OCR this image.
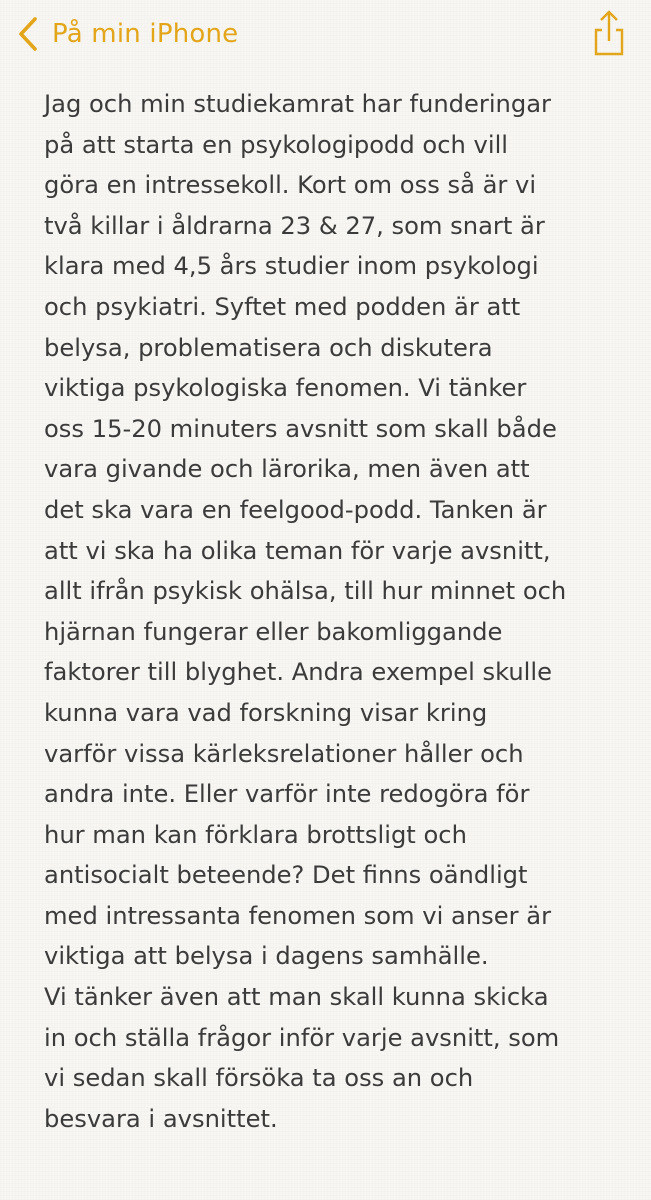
På min iPhone

Jag och min studiekamrat har funderingar
på att starta en psykologipodd och vill
göra en intressekoll. Kort om oss så är vi
två killar i åldrarna 23 & 27, som snart är
klara med 4,5 års studier inom psykologi
och psykiatri. Syftet med podden är att
belysa, problematisera och diskutera
viktiga psykologiska fenomen. Vi tänker
oss 15-20 minuters avsnitt som skall både
vara givande och lärorika, men även att
det ska vara en feelgood-podd. Tanken är
att vi ska ha olika teman för varje avsnitt,
allt ifrån psykisk ohälsa, till hur minnet och
hjärnan fungerar eller bakomliggande
faktorer till blyghet. Andra exempel skulle
kunna vara vad forskning visar kring
varför vissa kärleksrelationer håller och
andra inte. Eller varför inte redogöra för
hur man kan förklara brottsligt och
antisocialt beteende? Det finns oändligt
med intressanta fenomen som vi anser är
viktiga att belysa i dagens samhälle.

Vi tänker även att man skall kunna skicka
in och ställa frågor inför varje avsnitt, som
vi sedan skall försöka ta oss an och
besvara i avsnittet.
